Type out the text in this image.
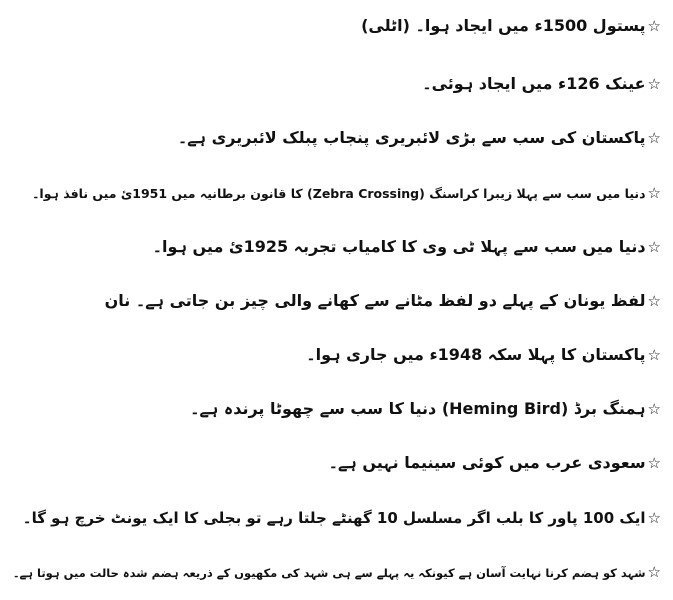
☆پستول 1500ء میں ایجاد ہوا۔ (اٹلی)
☆عینک 126ء میں ایجاد ہوئی۔
☆پاکستان کی سب سے بڑی لائبریری پنجاب پبلک لائبریری ہے۔
☆دنیا میں سب سے پہلا زیبرا کراسنگ (Zebra Crossing) کا قانون برطانیہ میں 1951ئ میں نافذ ہوا۔
☆دنیا میں سب سے پہلا ٹی وی کا کامیاب تجربہ 1925ئ میں ہوا۔
☆لفظ یونان کے پہلے دو لفظ مٹانے سے کھانے والی چیز بن جاتی ہے۔ نان
☆پاکستان کا پہلا سکہ 1948ء میں جاری ہوا۔
☆ہمنگ برڈ (Heming Bird) دنیا کا سب سے چھوٹا پرندہ ہے۔
☆سعودی عرب میں کوئی سینیما نہیں ہے۔
☆ایک 100 پاور کا بلب اگر مسلسل 10 گھنٹے جلتا رہے تو بجلی کا ایک یونٹ خرچ ہو گا۔
☆شہد کو ہضم کرنا نہایت آسان ہے کیونکہ یہ پہلے سے ہی شہد کی مکھیوں کے ذریعہ ہضم شدہ حالت میں ہوتا ہے۔
